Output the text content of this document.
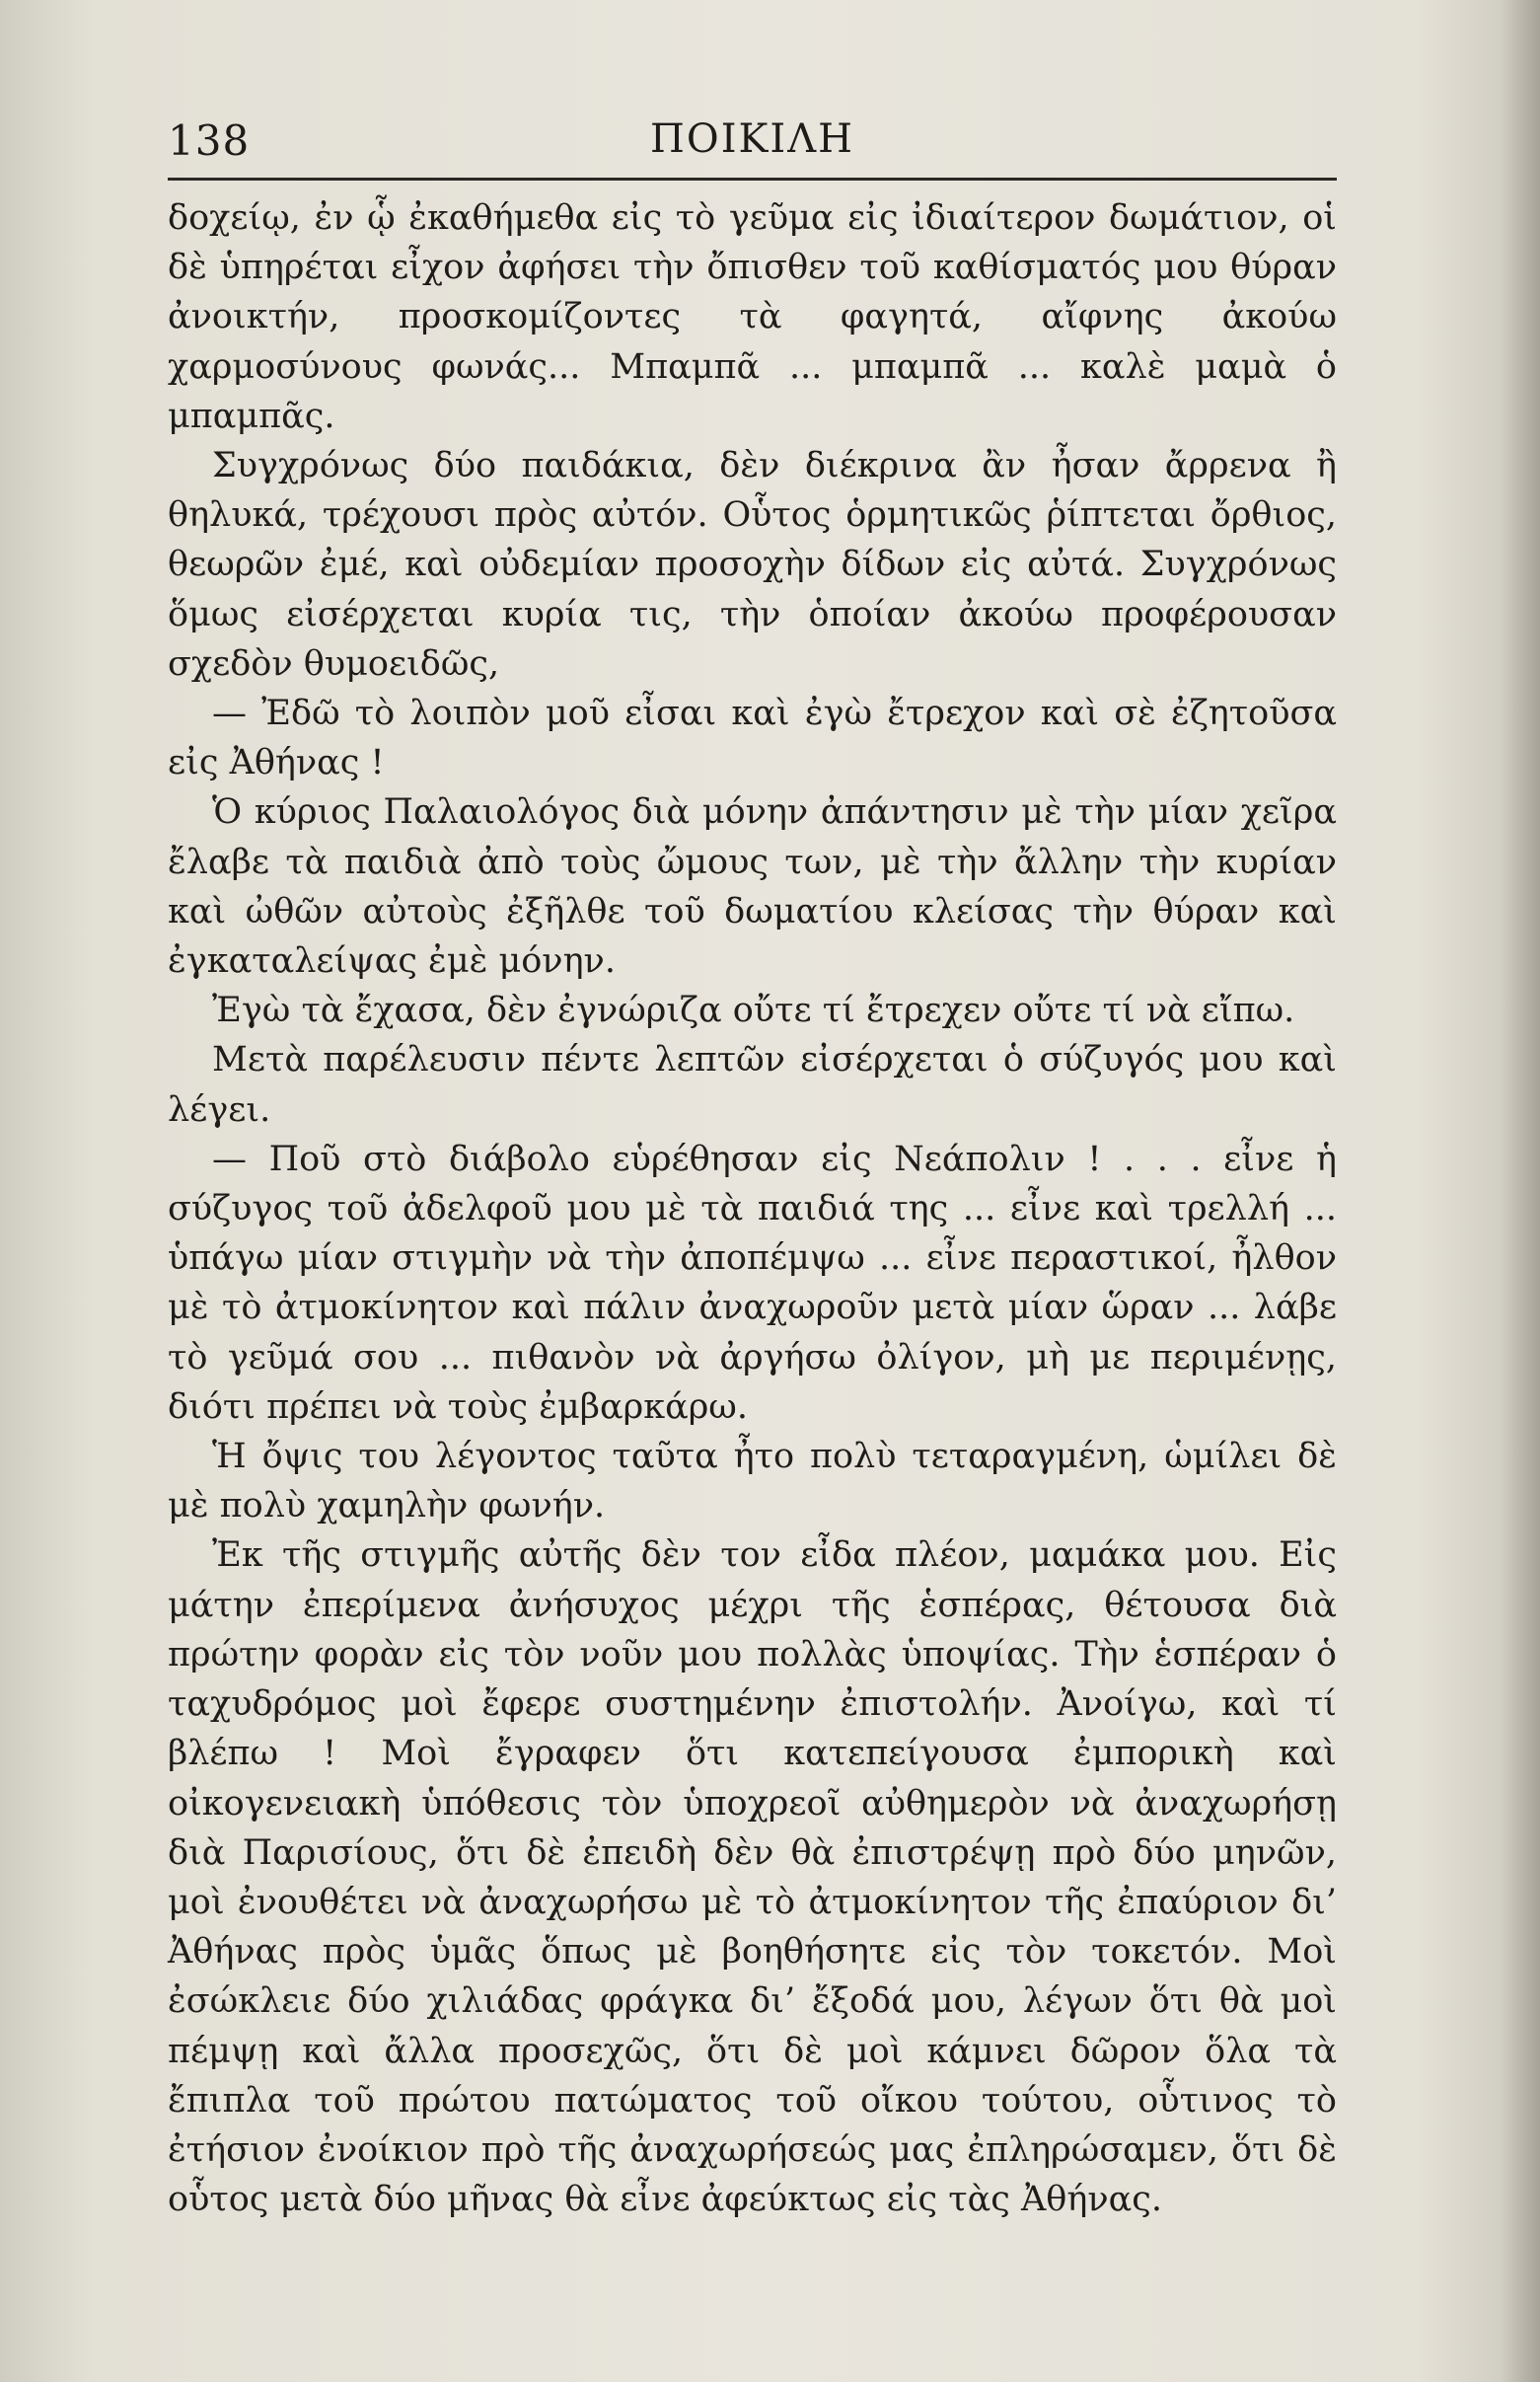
138	ΠΟΙΚΙΛΗ

δοχείῳ, ἐν ᾧ ἐκαθήμεθα εἰς τὸ γεῦμα εἰς ἰδιαίτερον δωμάτιον, οἱ δὲ ὑπηρέται εἶχον ἀφήσει τὴν ὄπισθεν τοῦ καθίσματός μου θύραν ἀνοικτήν, προσκομίζοντες τὰ φαγητά, αἴφνης ἀκούω χαρμοσύνους φωνάς... Μπαμπᾶ ... μπαμπᾶ ... καλὲ μαμὰ ὁ μπαμπᾶς.

Συγχρόνως δύο παιδάκια, δὲν διέκρινα ἂν ἦσαν ἄρρενα ἢ θηλυκά, τρέχουσι πρὸς αὐτόν. Οὗτος ὁρμητικῶς ῥίπτεται ὄρθιος, θεωρῶν ἐμέ, καὶ οὐδεμίαν προσοχὴν δίδων εἰς αὐτά. Συγχρόνως ὅμως εἰσέρχεται κυρία τις, τὴν ὁποίαν ἀκούω προφέρουσαν σχεδὸν θυμοειδῶς,

— Ἐδῶ τὸ λοιπὸν μοῦ εἶσαι καὶ ἐγὼ ἔτρεχον καὶ σὲ ἐζητοῦσα εἰς Ἀθήνας !

Ὁ κύριος Παλαιολόγος διὰ μόνην ἀπάντησιν μὲ τὴν μίαν χεῖρα ἔλαβε τὰ παιδιὰ ἀπὸ τοὺς ὤμους των, μὲ τὴν ἄλλην τὴν κυρίαν καὶ ὠθῶν αὐτοὺς ἐξῆλθε τοῦ δωματίου κλείσας τὴν θύραν καὶ ἐγκαταλείψας ἐμὲ μόνην.

Ἐγὼ τὰ ἔχασα, δὲν ἐγνώριζα οὔτε τί ἔτρεχεν οὔτε τί νὰ εἴπω.

Μετὰ παρέλευσιν πέντε λεπτῶν εἰσέρχεται ὁ σύζυγός μου καὶ λέγει.

— Ποῦ στὸ διάβολο εὑρέθησαν εἰς Νεάπολιν ! . . . εἶνε ἡ σύζυγος τοῦ ἀδελφοῦ μου μὲ τὰ παιδιά της ... εἶνε καὶ τρελλή ... ὑπάγω μίαν στιγμὴν νὰ τὴν ἀποπέμψω ... εἶνε περαστικοί, ἦλθον μὲ τὸ ἀτμοκίνητον καὶ πάλιν ἀναχωροῦν μετὰ μίαν ὥραν ... λάβε τὸ γεῦμά σου ... πιθανὸν νὰ ἀργήσω ὀλίγον, μὴ με περιμένῃς, διότι πρέπει νὰ τοὺς ἐμβαρκάρω.

Ἡ ὄψις του λέγοντος ταῦτα ἦτο πολὺ τεταραγμένη, ὡμίλει δὲ μὲ πολὺ χαμηλὴν φωνήν.

Ἐκ τῆς στιγμῆς αὐτῆς δὲν τον εἶδα πλέον, μαμάκα μου. Εἰς μάτην ἐπερίμενα ἀνήσυχος μέχρι τῆς ἑσπέρας, θέτουσα διὰ πρώτην φορὰν εἰς τὸν νοῦν μου πολλὰς ὑποψίας. Τὴν ἑσπέραν ὁ ταχυδρόμος μοὶ ἔφερε συστημένην ἐπιστολήν. Ἀνοίγω, καὶ τί βλέπω ! Μοὶ ἔγραφεν ὅτι κατεπείγουσα ἐμπορικὴ καὶ οἰκογενειακὴ ὑπόθεσις τὸν ὑποχρεοῖ αὐθημερὸν νὰ ἀναχωρήσῃ διὰ Παρισίους, ὅτι δὲ ἐπειδὴ δὲν θὰ ἐπιστρέψῃ πρὸ δύο μηνῶν, μοὶ ἐνουθέτει νὰ ἀναχωρήσω μὲ τὸ ἀτμοκίνητον τῆς ἐπαύριον δι’ Ἀθήνας πρὸς ὑμᾶς ὅπως μὲ βοηθήσητε εἰς τὸν τοκετόν. Μοὶ ἐσώκλειε δύο χιλιάδας φράγκα δι’ ἔξοδά μου, λέγων ὅτι θὰ μοὶ πέμψῃ καὶ ἄλλα προσεχῶς, ὅτι δὲ μοὶ κάμνει δῶρον ὅλα τὰ ἔπιπλα τοῦ πρώτου πατώματος τοῦ οἴκου τούτου, οὗτινος τὸ ἐτήσιον ἐνοίκιον πρὸ τῆς ἀναχωρήσεώς μας ἐπληρώσαμεν, ὅτι δὲ οὗτος μετὰ δύο μῆνας θὰ εἶνε ἀφεύκτως εἰς τὰς Ἀθήνας.
